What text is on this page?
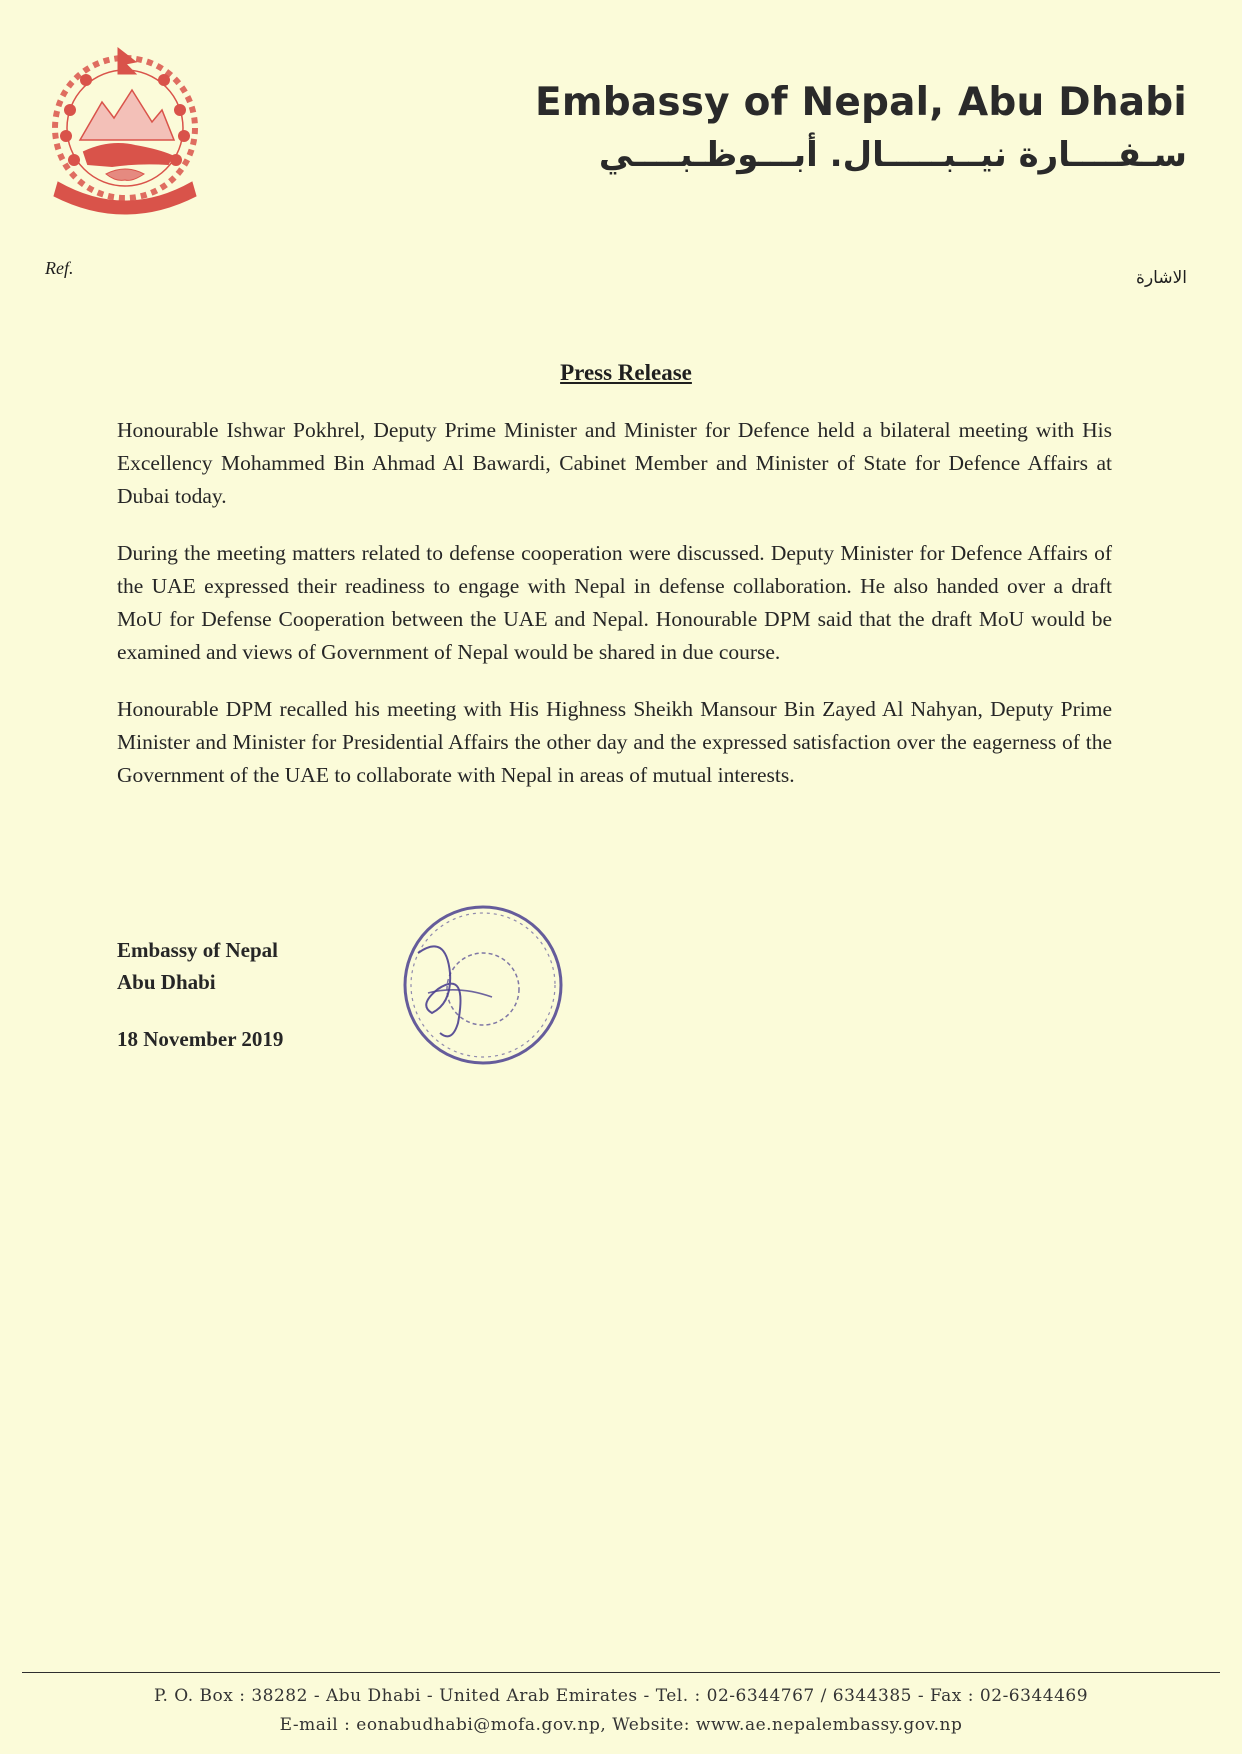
Embassy of Nepal, Abu Dhabi
سـفــــارة نيــبـــــال. أبـــوظـبــــي
Ref.	الاشارة
Press Release

Honourable Ishwar Pokhrel, Deputy Prime Minister and Minister for Defence held a bilateral meeting with His Excellency Mohammed Bin Ahmad Al Bawardi, Cabinet Member and Minister of State for Defence Affairs at Dubai today.

During the meeting matters related to defense cooperation were discussed. Deputy Minister for Defence Affairs of the UAE expressed their readiness to engage with Nepal in defense collaboration. He also handed over a draft MoU for Defense Cooperation between the UAE and Nepal. Honourable DPM said that the draft MoU would be examined and views of Government of Nepal would be shared in due course.

Honourable DPM recalled his meeting with His Highness Sheikh Mansour Bin Zayed Al Nahyan, Deputy Prime Minister and Minister for Presidential Affairs the other day and the expressed satisfaction over the eagerness of the Government of the UAE to collaborate with Nepal in areas of mutual interests.

Embassy of Nepal
Abu Dhabi
18 November 2019
P. O. Box : 38282 - Abu Dhabi - United Arab Emirates - Tel. : 02-6344767 / 6344385 - Fax : 02-6344469
E-mail : eonabudhabi@mofa.gov.np, Website: www.ae.nepalembassy.gov.np
